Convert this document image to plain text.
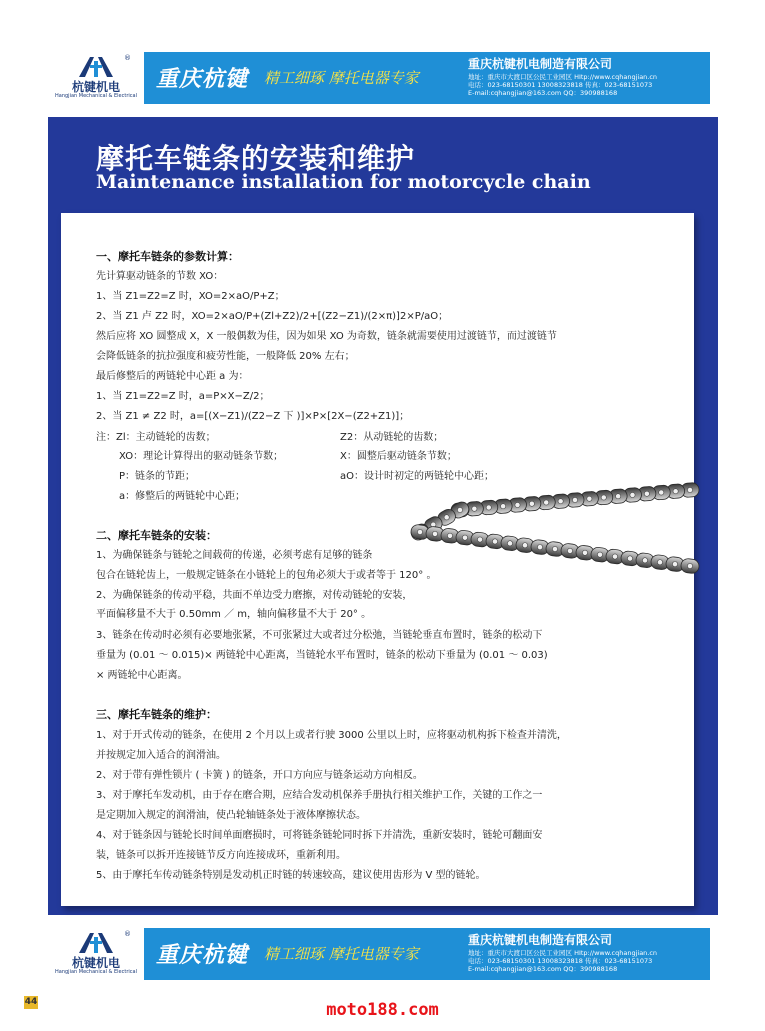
®
杭键机电
Hangjian Mechanical & Electrical
重庆杭键 精工细琢 摩托电器专家
重庆杭键机电制造有限公司
地址：重庆市大渡口区公民工业园区 HItp://www.cqhangjian.cn
电话：023-68150301 13008323818 传真：023-68151073
E-mail:cqhangjian@163.com QQ：390988168
摩托车链条的安装和维护
Maintenance installation for motorcycle chain
一、摩托车链条的参数计算：
先计算驱动链条的节数 XO：
1、当 Z1=Z2=Z 时，XO=2×aO/P+Z；
2、当 Z1 卢 Z2 时，XO=2×aO/P+(Zl+Z2)/2+[(Z2−Z1)/(2×π)]2×P/aO；
然后应将 XO 圆整成 X，X 一般偶数为佳，因为如果 XO 为奇数，链条就需要使用过渡链节，而过渡链节
会降低链条的抗拉强度和疲劳性能，一般降低 20% 左右；
最后修整后的两链轮中心距 a 为：
1、当 Z1=Z2=Z 时，a=P×X−Z/2；
2、当 Z1 ≠ Z2 时，a=[(X−Z1)/(Z2−Z 下 )]×P×[2X−(Z2+Z1)]；
注：Zl：主动链轮的齿数；	Z2：从动链轮的齿数；
XO：理论计算得出的驱动链条节数；	X：圆整后驱动链条节数；
P：链条的节距；	aO：设计时初定的两链轮中心距；
a：修整后的两链轮中心距；
二、摩托车链条的安装：
1、为确保链条与链轮之间载荷的传递，必须考虑有足够的链条
包合在链轮齿上，一般规定链条在小链轮上的包角必须大于或者等于 120° 。
2、为确保链条的传动平稳，共面不单边受力磨擦，对传动链轮的安装，
平面偏移量不大于 0.50mm ／ m，轴向偏移量不大于 20° 。
3、链条在传动时必须有必要地张紧，不可张紧过大或者过分松弛，当链轮垂直布置时，链条的松动下
垂量为 (0.01 ～ 0.015)× 两链轮中心距离，当链轮水平布置时，链条的松动下垂量为 (0.01 ～ 0.03)
× 两链轮中心距离。
三、摩托车链条的维护：
1、对于开式传动的链条，在使用 2 个月以上或者行驶 3000 公里以上时，应将驱动机构拆下检查并清洗，
并按规定加入适合的润滑油。
2、对于带有弹性锁片 ( 卡簧 ) 的链条，开口方向应与链条运动方向相反。
3、对于摩托车发动机，由于存在磨合期，应结合发动机保养手册执行相关维护工作，关键的工作之一
是定期加入规定的润滑油，使凸轮轴链条处于液体摩擦状态。
4、对于链条因与链轮长时间单面磨损时，可将链条链轮同时拆下并清洗，重新安装时，链轮可翻面安
装，链条可以拆开连接链节反方向连接成环，重新利用。
5、由于摩托车传动链条特别是发动机正时链的转速较高，建议使用齿形为 V 型的链轮。
®
杭键机电
Hangjian Mechanical & Electrical
重庆杭键 精工细琢 摩托电器专家
重庆杭键机电制造有限公司
地址：重庆市大渡口区公民工业园区 HItp://www.cqhangjian.cn
电话：023-68150301 13008323818 传真：023-68151073
E-mail:cqhangjian@163.com QQ：390988168
44	moto188.com
